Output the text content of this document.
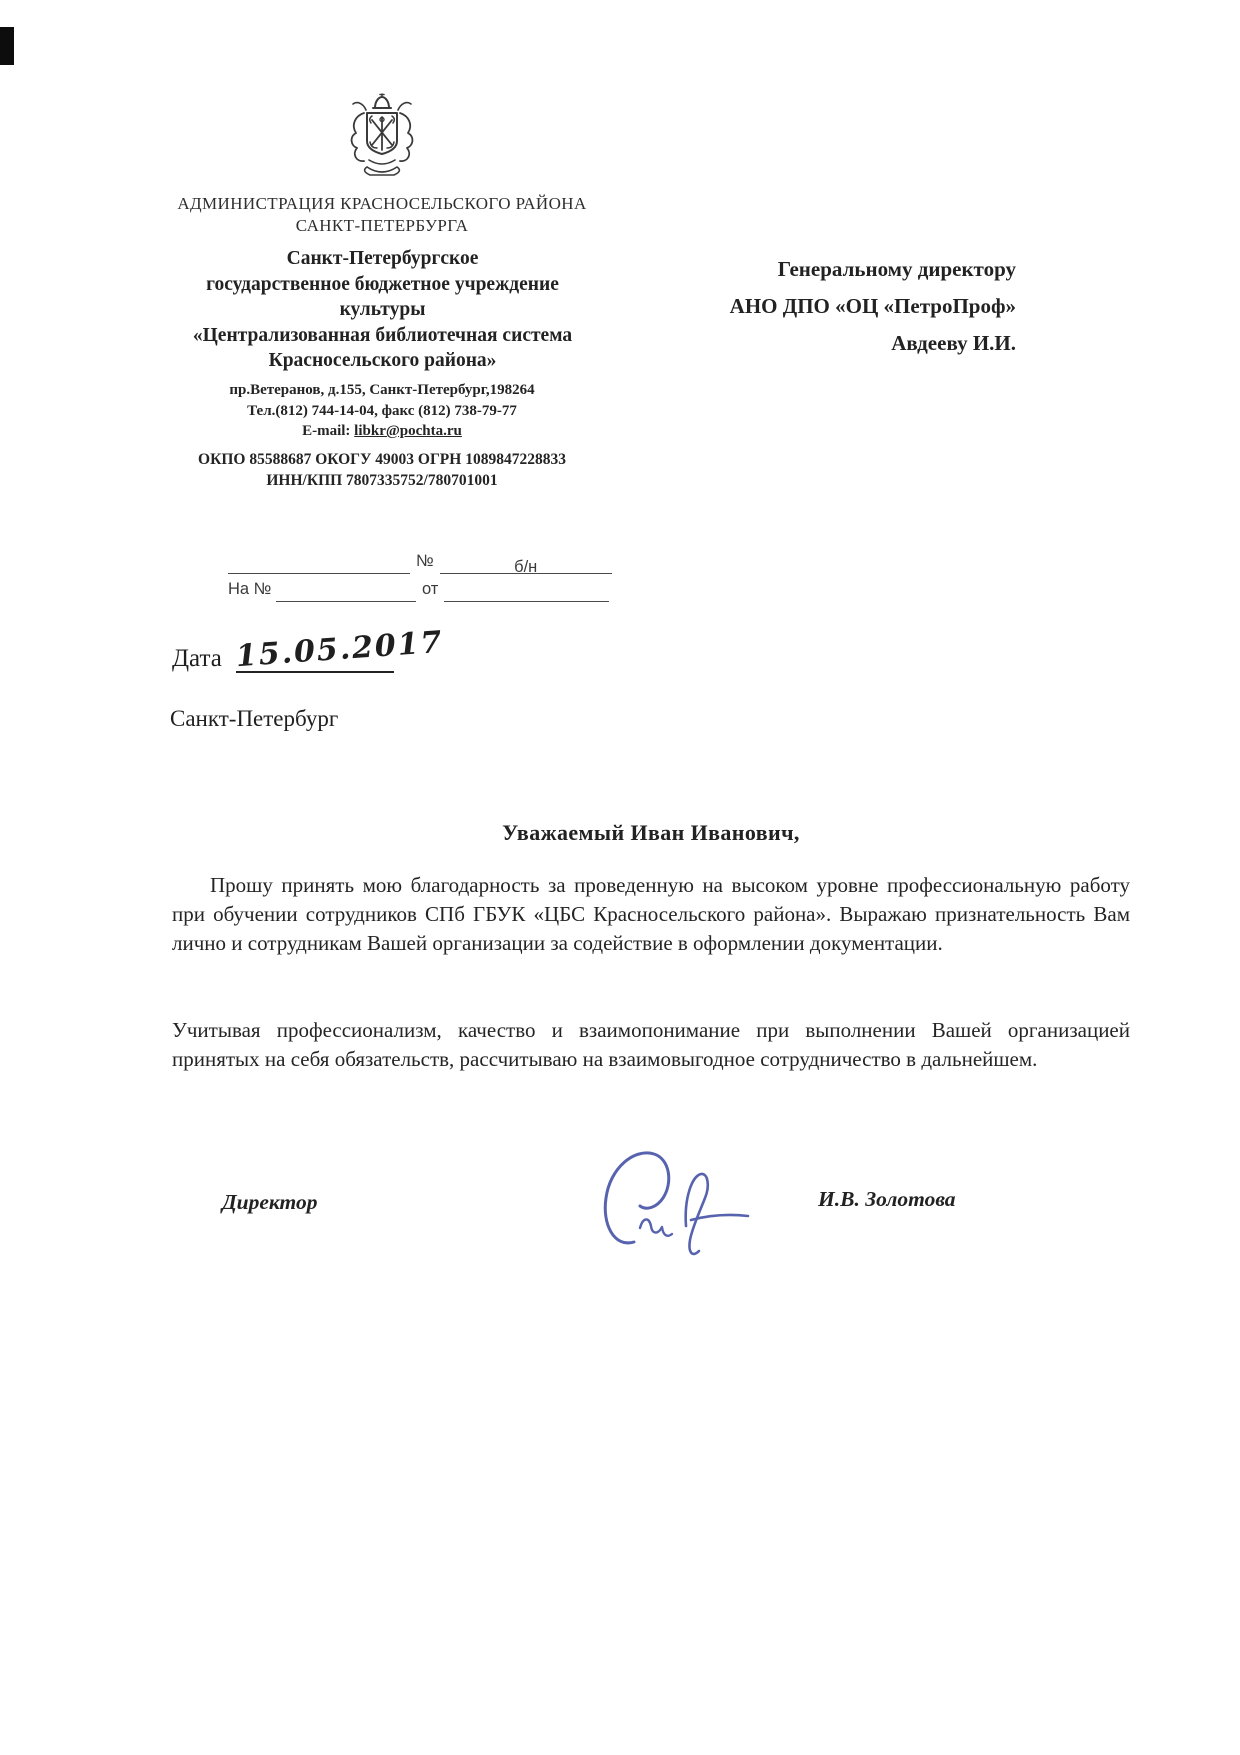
АДМИНИСТРАЦИЯ КРАСНОСЕЛЬСКОГО РАЙОНА
САНКТ-ПЕТЕРБУРГА
Санкт-Петербургское
государственное бюджетное учреждение
культуры
«Централизованная библиотечная система
Красносельского района»
Генеральному директору
АНО ДПО «ОЦ «ПетроПроф»
Авдееву И.И.
пр.Ветеранов, д.155, Санкт-Петербург,198264
Тел.(812) 744-14-04, факс (812) 738-79-77
E-mail: libkr@pochta.ru
ОКПО 85588687 ОКОГУ 49003 ОГРН 1089847228833
ИНН/КПП 7807335752/780701001
№	б/н
На №	от
Дата 15.05.2017
Санкт-Петербург
Уважаемый Иван Иванович,
Прошу принять мою благодарность за проведенную на высоком уровне профессиональную работу при обучении сотрудников СПб ГБУК «ЦБС Красносельского района». Выражаю признательность Вам лично и сотрудникам Вашей организации за содействие в оформлении документации.
Учитывая профессионализм, качество и взаимопонимание при выполнении Вашей организацией принятых на себя обязательств, рассчитываю на взаимовыгодное сотрудничество в дальнейшем.
Директор	И.В. Золотова
